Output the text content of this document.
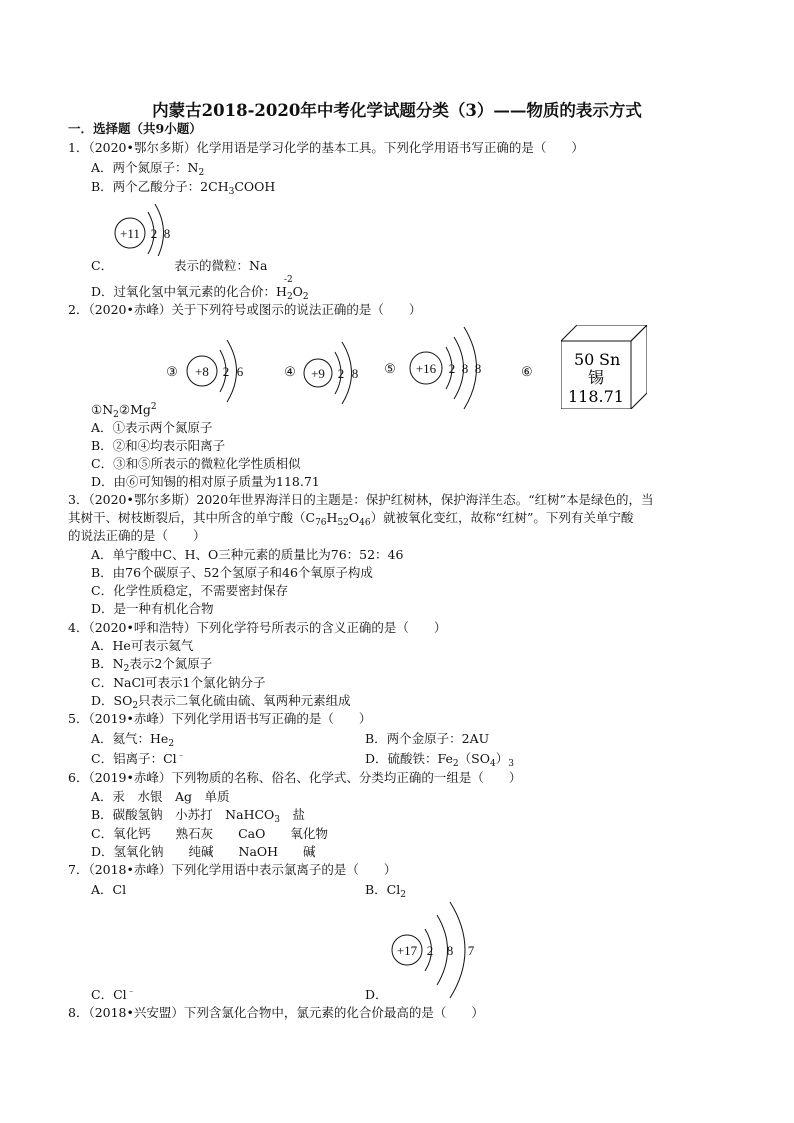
内蒙古2018-2020年中考化学试题分类（3）——物质的表示方式
一．选择题（共9小题）
1．（2020•鄂尔多斯）化学用语是学习化学的基本工具。下列化学用语书写正确的是（　　）
A．两个氮原子：$N_2$
B．两个乙酸分子：$2CH_3COOH$
+11 2 8
C．	表示的微粒：Na
-2
D．过氧化氢中氧元素的化合价：$H_2O_2$
2．（2020•赤峰）关于下列符号或图示的说法正确的是（　　）
③ +8 2 6	④ +9 2 8 ⑤ +16 2 8 8	⑥
50 Sn
锡
118.71
$①N_2②Mg^2$
A．①表示两个氮原子
B．②和④均表示阳离子
C．③和⑤所表示的微粒化学性质相似
D．由⑥可知锡的相对原子质量为118.71
3．（2020•鄂尔多斯）2020年世界海洋日的主题是：保护红树林，保护海洋生态。“红树”本是绿色的，当
其树干、树枝断裂后，其中所含的单宁酸$(C_{76}H_{52}O_{46})$就被氧化变红，故称“红树”。下列有关单宁酸
的说法正确的是（　　）
A．单宁酸中C、H、O三种元素的质量比为76：52：46
B．由76个碳原子、52个氢原子和46个氧原子构成
C．化学性质稳定，不需要密封保存
D．是一种有机化合物
4．（2020•呼和浩特）下列化学符号所表示的含义正确的是（　　）
A．He可表示氦气
B．$N_2$表示2个氮原子
C．NaCl可表示1个氯化钠分子
D．$SO_2$只表示二氧化硫由硫、氧两种元素组成
5．（2019•赤峰）下列化学用语书写正确的是（　　）
A．氦气：$He_2$	B．两个金原子：2AU
C．铝离子：Cl﹣	D．硫酸铁：$Fe_2(SO_4)_3$
6．（2019•赤峰）下列物质的名称、俗名、化学式、分类均正确的一组是（　　）
A．汞　水银　Ag　单质
B．碳酸氢钠　小苏打　NaHCO$_3$　盐
C．氧化钙　　熟石灰　　CaO　　氧化物
D．氢氧化钠　　纯碱　　NaOH　　碱
7．（2018•赤峰）下列化学用语中表示氯离子的是（　　）
A．Cl	B．$Cl_2$
+17 2 8 7
C．Cl﹣	D．
8．（2018•兴安盟）下列含氯化合物中，氯元素的化合价最高的是（　　）
